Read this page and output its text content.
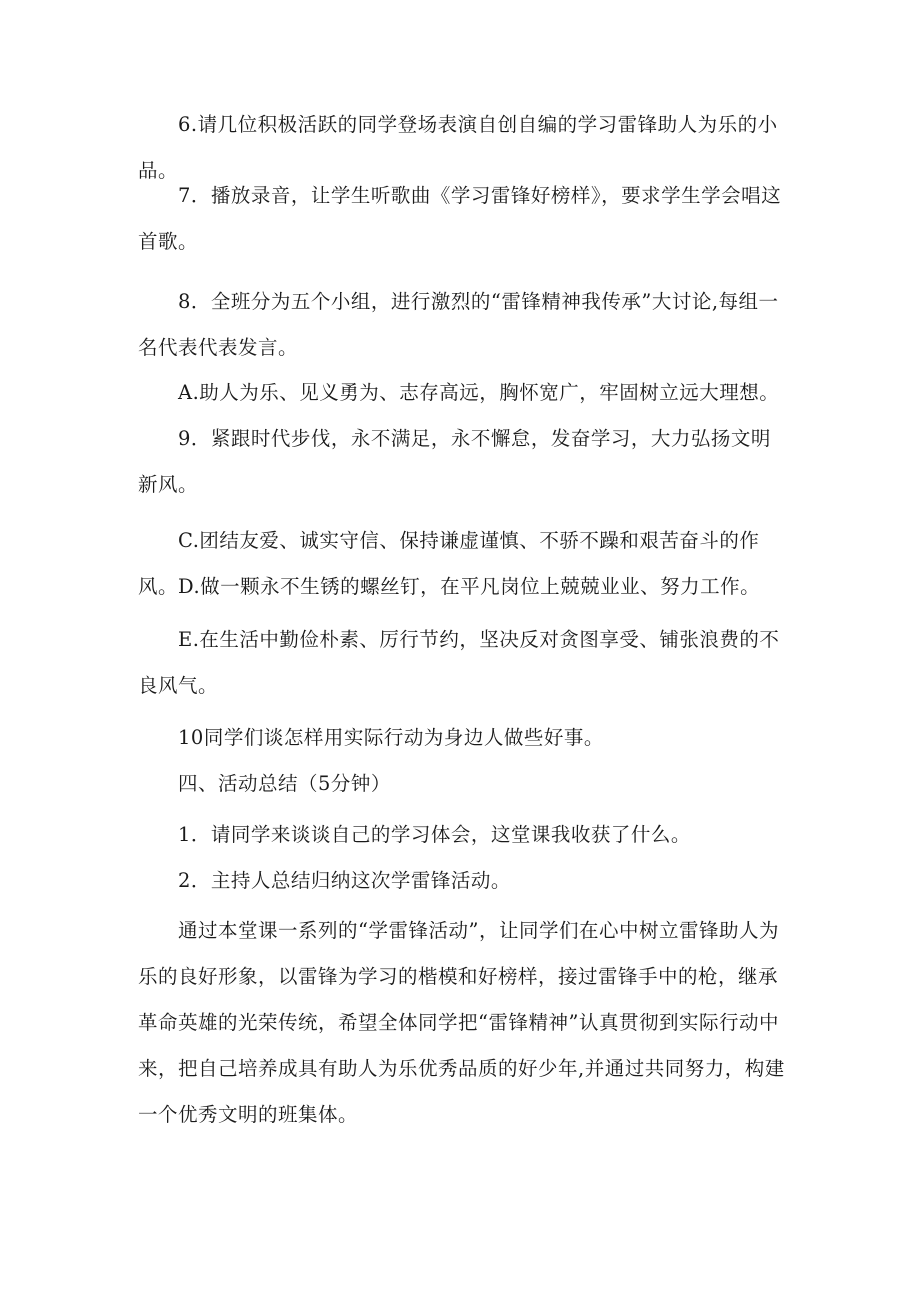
6.请几位积极活跃的同学登场表演自创自编的学习雷锋助人为乐的小品。

7．播放录音，让学生听歌曲《学习雷锋好榜样》，要求学生学会唱这首歌。

8．全班分为五个小组，进行激烈的“雷锋精神我传承”大讨论,每组一名代表代表发言。

A.助人为乐、见义勇为、志存高远，胸怀宽广，牢固树立远大理想。

9．紧跟时代步伐，永不满足，永不懈怠，发奋学习，大力弘扬文明新风。

C.团结友爱、诚实守信、保持谦虚谨慎、不骄不躁和艰苦奋斗的作风。 D.做一颗永不生锈的螺丝钉，在平凡岗位上兢兢业业、努力工作。

E.在生活中勤俭朴素、厉行节约，坚决反对贪图享受、铺张浪费的不良风气。

10同学们谈怎样用实际行动为身边人做些好事。

四、活动总结（5分钟）

1．请同学来谈谈自己的学习体会，这堂课我收获了什么。

2．主持人总结归纳这次学雷锋活动。

通过本堂课一系列的“学雷锋活动”，让同学们在心中树立雷锋助人为乐的良好形象，以雷锋为学习的楷模和好榜样，接过雷锋手中的枪，继承革命英雄的光荣传统，希望全体同学把“雷锋精神”认真贯彻到实际行动中来，把自己培养成具有助人为乐优秀品质的好少年,并通过共同努力，构建一个优秀文明的班集体。
